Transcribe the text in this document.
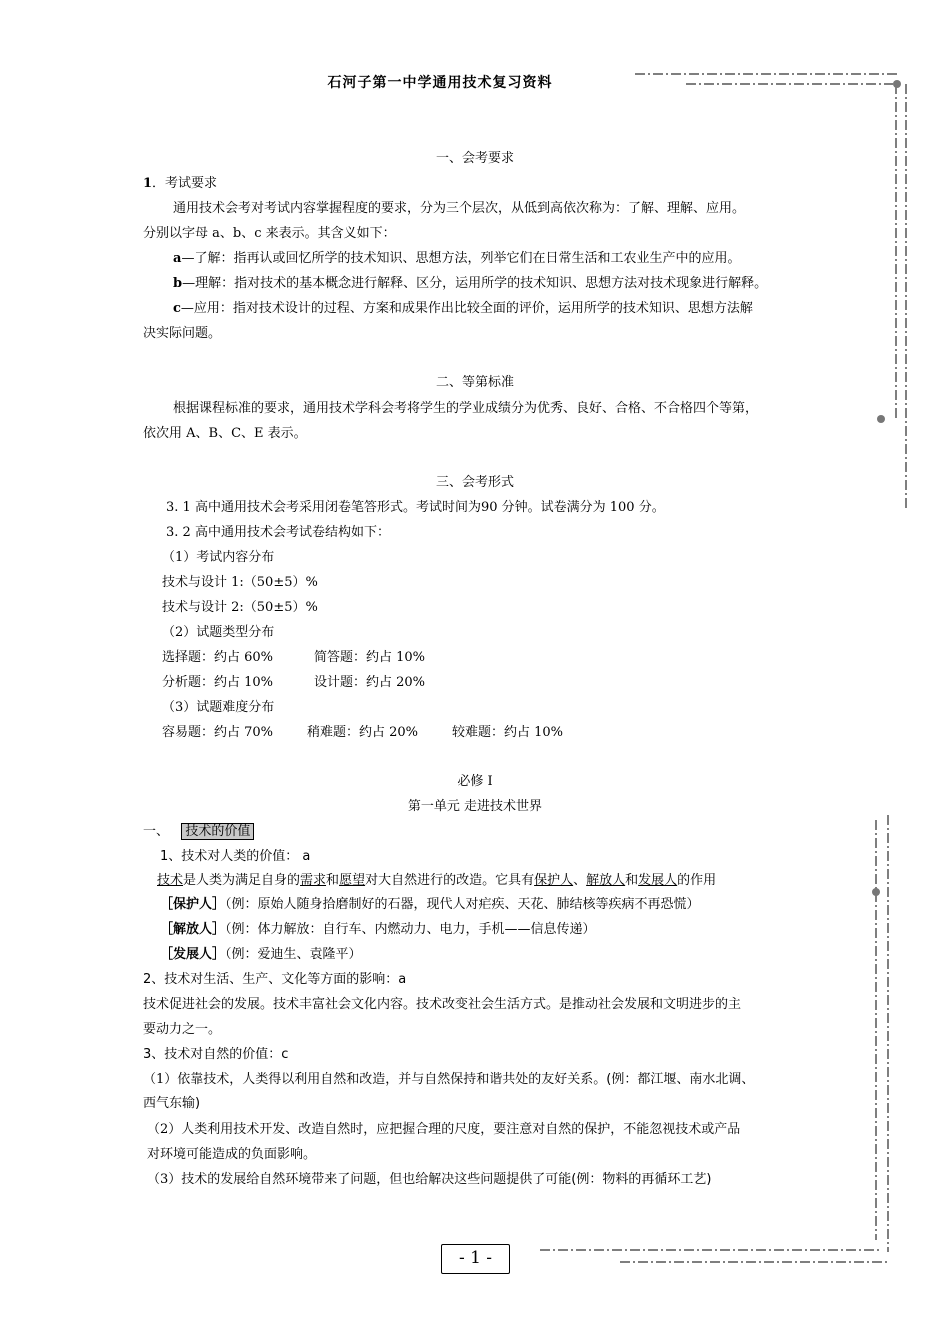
石河子第一中学通用技术复习资料
一、会考要求
1．考试要求
通用技术会考对考试内容掌握程度的要求，分为三个层次，从低到高依次称为：了解、理解、应用。
分别以字母 a、b、c 来表示。其含义如下：
a—了解：指再认或回忆所学的技术知识、思想方法，列举它们在日常生活和工农业生产中的应用。
b—理解：指对技术的基本概念进行解释、区分，运用所学的技术知识、思想方法对技术现象进行解释。
c—应用：指对技术设计的过程、方案和成果作出比较全面的评价，运用所学的技术知识、思想方法解
决实际问题。
二、等第标准
根据课程标准的要求，通用技术学科会考将学生的学业成绩分为优秀、良好、合格、不合格四个等第，
依次用 A、B、C、E 表示。
三、会考形式
3. 1 高中通用技术会考采用闭卷笔答形式。考试时间为90 分钟。试卷满分为 100 分。
3. 2 高中通用技术会考试卷结构如下：
（1）考试内容分布
技术与设计 1:（50±5）%
技术与设计 2:（50±5）%
（2）试题类型分布
选择题：约占 60%	简答题：约占 10%
分析题：约占 10%	设计题：约占 20%
（3）试题难度分布
容易题：约占 70%	稍难题：约占 20%	较难题：约占 10%
必修 I
第一单元 走进技术世界
一、 技术的价值
1、技术对人类的价值： a
技术是人类为满足自身的需求和愿望对大自然进行的改造。它具有保护人、解放人和发展人的作用
［保护人］（例：原始人随身拾磨制好的石器，现代人对疟疾、天花、肺结核等疾病不再恐慌）
［解放人］（例：体力解放：自行车、内燃动力、电力，手机——信息传递）
［发展人］（例：爱迪生、袁隆平）
2、技术对生活、生产、文化等方面的影响：a
技术促进社会的发展。技术丰富社会文化内容。技术改变社会生活方式。是推动社会发展和文明进步的主
要动力之一。
3、技术对自然的价值：c
（1）依靠技术，人类得以利用自然和改造，并与自然保持和谐共处的友好关系。(例：都江堰、南水北调、
西气东输)
（2）人类利用技术开发、改造自然时，应把握合理的尺度，要注意对自然的保护，不能忽视技术或产品
对环境可能造成的负面影响。
（3）技术的发展给自然环境带来了问题，但也给解决这些问题提供了可能(例：物料的再循环工艺)
- 1 -
